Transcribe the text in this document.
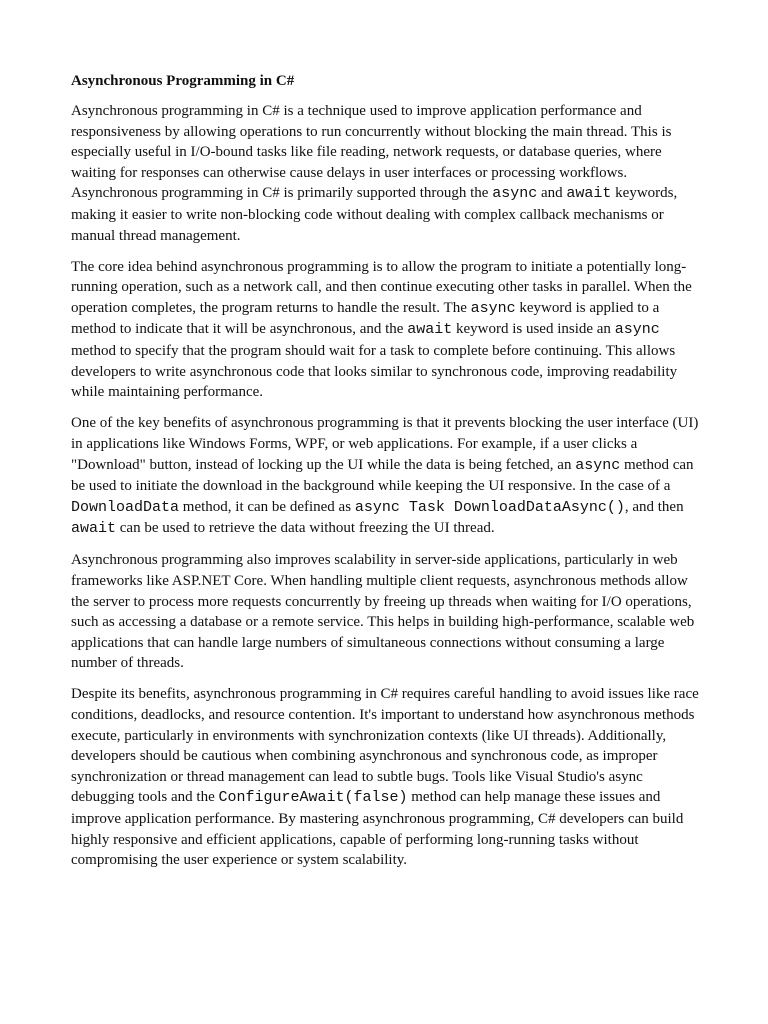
Asynchronous Programming in C#

Asynchronous programming in C# is a technique used to improve application performance and responsiveness by allowing operations to run concurrently without blocking the main thread. This is especially useful in I/O-bound tasks like file reading, network requests, or database queries, where waiting for responses can otherwise cause delays in user interfaces or processing workflows. Asynchronous programming in C# is primarily supported through the async and await keywords, making it easier to write non-blocking code without dealing with complex callback mechanisms or manual thread management.

The core idea behind asynchronous programming is to allow the program to initiate a potentially long-running operation, such as a network call, and then continue executing other tasks in parallel. When the operation completes, the program returns to handle the result. The async keyword is applied to a method to indicate that it will be asynchronous, and the await keyword is used inside an async method to specify that the program should wait for a task to complete before continuing. This allows developers to write asynchronous code that looks similar to synchronous code, improving readability while maintaining performance.

One of the key benefits of asynchronous programming is that it prevents blocking the user interface (UI) in applications like Windows Forms, WPF, or web applications. For example, if a user clicks a "Download" button, instead of locking up the UI while the data is being fetched, an async method can be used to initiate the download in the background while keeping the UI responsive. In the case of a DownloadData method, it can be defined as async Task DownloadDataAsync(), and then await can be used to retrieve the data without freezing the UI thread.

Asynchronous programming also improves scalability in server-side applications, particularly in web frameworks like ASP.NET Core. When handling multiple client requests, asynchronous methods allow the server to process more requests concurrently by freeing up threads when waiting for I/O operations, such as accessing a database or a remote service. This helps in building high-performance, scalable web applications that can handle large numbers of simultaneous connections without consuming a large number of threads.

Despite its benefits, asynchronous programming in C# requires careful handling to avoid issues like race conditions, deadlocks, and resource contention. It's important to understand how asynchronous methods execute, particularly in environments with synchronization contexts (like UI threads). Additionally, developers should be cautious when combining asynchronous and synchronous code, as improper synchronization or thread management can lead to subtle bugs. Tools like Visual Studio's async debugging tools and the ConfigureAwait(false) method can help manage these issues and improve application performance. By mastering asynchronous programming, C# developers can build highly responsive and efficient applications, capable of performing long-running tasks without compromising the user experience or system scalability.
